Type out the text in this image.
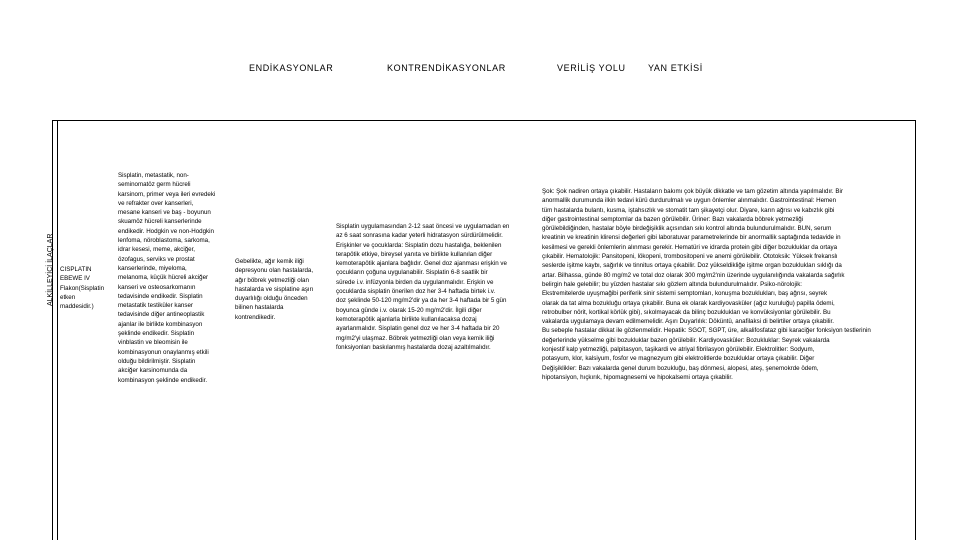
ENDİKASYONLAR	KONTRENDİKASYONLAR	VERİLİŞ YOLU YAN ETKİSİ
ALKİLLEYİCİ İLAÇLAR CISPLATIN
EBEWE IV
Flakon(Sisplatin
etken
maddesidir.)
Sisplatin, metastatik, non-
seminomatöz germ hücreli
karsinom, primer veya ileri evredeki
ve refrakter over kanserleri,
mesane kanseri ve baş - boyunun
skuamöz hücreli kanserlerinde
endikedir. Hodgkin ve non-Hodgkin
lenfoma, nöroblastoma, sarkoma,
idrar kesesi, meme, akciğer,
özofagus, serviks ve prostat
kanserlerinde, miyeloma,
melanoma, küçük hücreli akciğer
kanseri ve osteosarkomanın
tedavisinde endikedir. Sisplatin
metastatik testiküler kanser
tedavisinde diğer antineoplastik
ajanlar ile birlikte kombinasyon
şeklinde endikedir. Sisplatin
vinblastin ve bleomisin ile
kombinasyonun onaylanmış etkili
olduğu bildirilmiştir. Sisplatin
akciğer karsinomunda da
kombinasyon şeklinde endikedir.
Gebelikte, ağır kemik iliği
depresyonu olan hastalarda,
ağır böbrek yetmezliği olan
hastalarda ve sisplatine aşırı
duyarlılığı olduğu önceden
bilinen hastalarda
kontrendikedir.
Sisplatin uygulamasından 2-12 saat öncesi ve uygulamadan en
az 6 saat sonrasına kadar yeterli hidratasyon sürdürülmelidir.
Erişkinler ve çocuklarda: Sisplatin dozu hastalığa, beklenilen
terapötik etkiye, bireysel yanıta ve birlikte kullanılan diğer
kemoterapötik ajanlara bağlıdır. Genel doz ajanması erişkin ve
çocukların çoğuna uygulanabilir. Sisplatin 6-8 saatlik bir
sürede i.v. infüzyonla birden da uygulanmalıdır. Erişkin ve
çocuklarda sisplatin önerilen doz her 3-4 haftada birtek i.v.
doz şeklinde 50-120 mg/m2'dir ya da her 3-4 haftada bir 5 gün
boyunca günde i.v. olarak 15-20 mg/m2'dir. İlgili diğer
kemoterapötik ajanlarla birlikte kullanılacaksa dozaj
ayarlanmalıdır. Sisplatin genel doz ve her 3-4 haftada bir 20
mg/m2'yi ulaşmaz. Böbrek yetmezliği olan veya kemik iliği
fonksiyonları baskılanmış hastalarda dozaj azaltılmalıdır.
Şok: Şok nadiren ortaya çıkabilir. Hastaların bakımı çok büyük dikkatle ve tam gözetim altında yapılmalıdır. Bir
anormallik durumunda ilkin tedavi kürü durdurulmalı ve uygun önlemler alınmalıdır. Gastrointestinal: Hemen
tüm hastalarda bulantı, kusma, iştahsızlık ve stomatit tam şikayetçi olur. Diyare, karın ağrısı ve kabızlık gibi
diğer gastrointestinal semptomlar da bazen görülebilir. Üriner: Bazı vakalarda böbrek yetmezliği
görülebildiğinden, hastalar böyle birdeğişiklik açısından sıkı kontrol altında bulundurulmalıdır. BUN, serum
kreatinin ve kreatinin klirensi değerleri gibi laboratuvar parametrelerinde bir anormallik saptağında tedavide in
kesilmesi ve gerekli önlemlerin alınması gerekir. Hematüri ve idrarda protein gibi diğer bozukluklar da ortaya
çıkabilir. Hematolojik: Pansitopeni, lökopeni, trombositopeni ve anemi görülebilir. Ototoksik: Yüksek frekanslı
seslerde işitme kaybı, sağırlık ve tinnitus ortaya çıkabilir. Doz yükseldikliğe işitme organ bozuklukları sıklığı da
artar. Bilhassa, günde 80 mg/m2 ve total doz olarak 300 mg/m2'nin üzerinde uygulanılığında vakalarda sağırlık
belirgin hale gelebilir; bu yüzden hastalar sıkı gözlem altında bulundurulmalıdır. Psiko-nörolojik:
Ekstremitelerde uyuşmağibi periferik sinir sistemi semptomları, konuşma bozuklukları, baş ağrısı, seyrek
olarak da tat alma bozukluğu ortaya çıkabilir. Buna ek olarak kardiyovasküler (ağız kuruluğu) papilla ödemi,
retrobulber nörit, kortikal körlük gibi), sıkolmayacak da bilinç bozuklukları ve konvüksiyonlar görülebilir. Bu
vakalarda uygulamaya devam edilmemelidir. Aşırı Duyarlılık: Döküntü, anafilaksi di belirtiler ortaya çıkabilir.
Bu sebeple hastalar dikkat ile gözlenmelidir. Hepatik: SGOT, SGPT, üre, alkalifosfataz gibi karaciğer fonksiyon testlerinin
değerlerinde yükselme gibi bozukluklar bazen görülebilir. Kardiyovasküler: Bozukluklar: Seyrek vakalarda
konjestif kalp yetmezliği, palpitasyon, taşikardi ve atriyal fibrilasyon görülebilir. Elektrolitler: Sodyum,
potasyum, klor, kalsiyum, fosfor ve magnezyum gibi elektrolitlerde bozukluklar ortaya çıkabilir. Diğer
Değişiklikler: Bazı vakalarda genel durum bozukluğu, baş dönmesi, alopesi, ateş, şenemokrde ödem,
hipotansiyon, hıçkırık, hipomagnesemi ve hipokalsemi ortaya çıkabilir.
